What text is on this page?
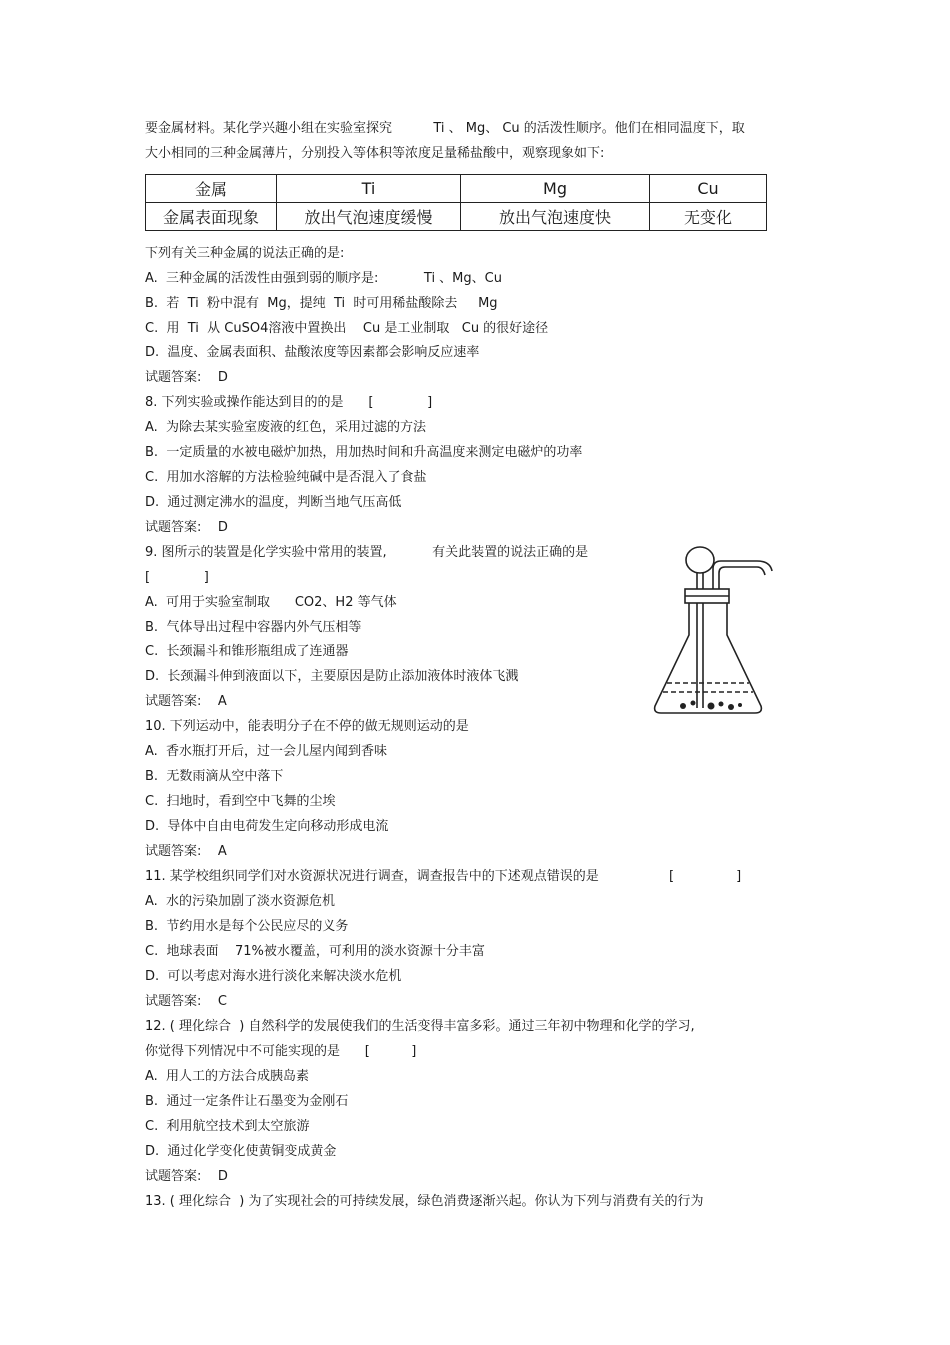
要金属材料。某化学兴趣小组在实验室探究          Ti 、 Mg、 Cu 的活泼性顺序。他们在相同温度下，取
大小相同的三种金属薄片，分别投入等体积等浓度足量稀盐酸中，观察现象如下:
金属	Ti	Mg	Cu
金属表面现象	放出气泡速度缓慢	放出气泡速度快	无变化
下列有关三种金属的说法正确的是:
A.  三种金属的活泼性由强到弱的顺序是:           Ti 、Mg、Cu
B.  若  Ti  粉中混有  Mg，提纯  Ti  时可用稀盐酸除去     Mg
C.  用  Ti  从 CuSO4溶液中置换出    Cu 是工业制取   Cu 的很好途径
D.  温度、金属表面积、盐酸浓度等因素都会影响反应速率
试题答案:    D
8. 下列实验或操作能达到目的的是      [             ]
A.  为除去某实验室废液的红色，采用过滤的方法
B.  一定质量的水被电磁炉加热，用加热时间和升高温度来测定电磁炉的功率
C.  用加水溶解的方法检验纯碱中是否混入了食盐
D.  通过测定沸水的温度，判断当地气压高低
试题答案:    D
9. 图所示的装置是化学实验中常用的装置,           有关此装置的说法正确的是
[             ]
A.  可用于实验室制取      CO2、H2 等气体
B.  气体导出过程中容器内外气压相等
C.  长颈漏斗和锥形瓶组成了连通器
D.  长颈漏斗伸到液面以下，主要原因是防止添加液体时液体飞溅
试题答案:    A
10. 下列运动中，能表明分子在不停的做无规则运动的是
A.  香水瓶打开后，过一会儿屋内闻到香味
B.  无数雨滴从空中落下
C.  扫地时，看到空中飞舞的尘埃
D.  导体中自由电荷发生定向移动形成电流
试题答案:    A
11. 某学校组织同学们对水资源状况进行调查，调查报告中的下述观点错误的是                 [               ]
A.  水的污染加剧了淡水资源危机
B.  节约用水是每个公民应尽的义务
C.  地球表面    71%被水覆盖，可利用的淡水资源十分丰富
D.  可以考虑对海水进行淡化来解决淡水危机
试题答案:    C
12. ( 理化综合  ) 自然科学的发展使我们的生活变得丰富多彩。通过三年初中物理和化学的学习,
你觉得下列情况中不可能实现的是      [          ]
A.  用人工的方法合成胰岛素
B.  通过一定条件让石墨变为金刚石
C.  利用航空技术到太空旅游
D.  通过化学变化使黄铜变成黄金
试题答案:    D
13. ( 理化综合  ) 为了实现社会的可持续发展，绿色消费逐渐兴起。你认为下列与消费有关的行为
